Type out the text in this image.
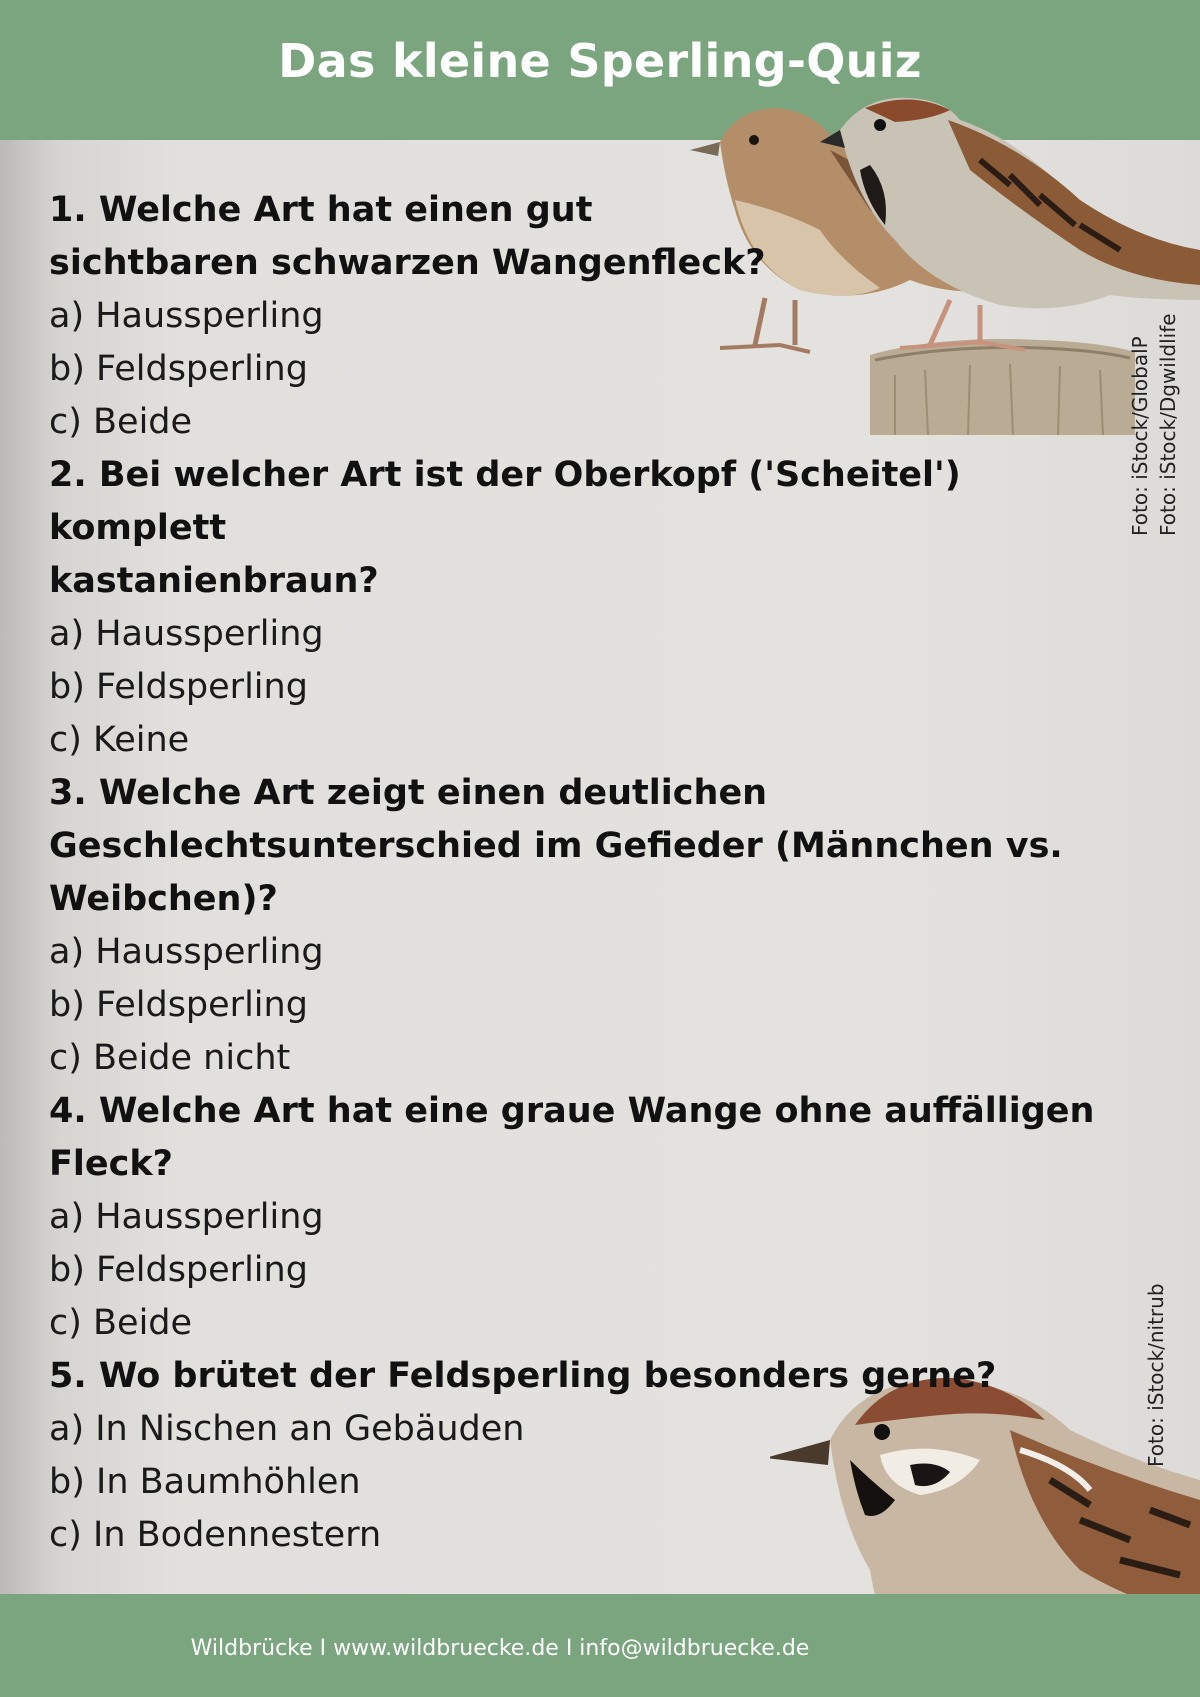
Das kleine Sperling-Quiz
Wildbrücke I www.wildbruecke.de I info@wildbruecke.de
Foto: iStock/GlobalP Foto: iStock/Dgwildlife
Foto: iStock/nitrub
1. Welche Art hat einen gut
sichtbaren schwarzen Wangenfleck?
a) Haussperling
b) Feldsperling
c) Beide
2. Bei welcher Art ist der Oberkopf ('Scheitel') komplett
kastanienbraun?
a) Haussperling
b) Feldsperling
c) Keine
3. Welche Art zeigt einen deutlichen
Geschlechtsunterschied im Gefieder (Männchen vs.
Weibchen)?
a) Haussperling
b) Feldsperling
c) Beide nicht
4. Welche Art hat eine graue Wange ohne auffälligen
Fleck?
a) Haussperling
b) Feldsperling
c) Beide
5. Wo brütet der Feldsperling besonders gerne?
a) In Nischen an Gebäuden
b) In Baumhöhlen
c) In Bodennestern
